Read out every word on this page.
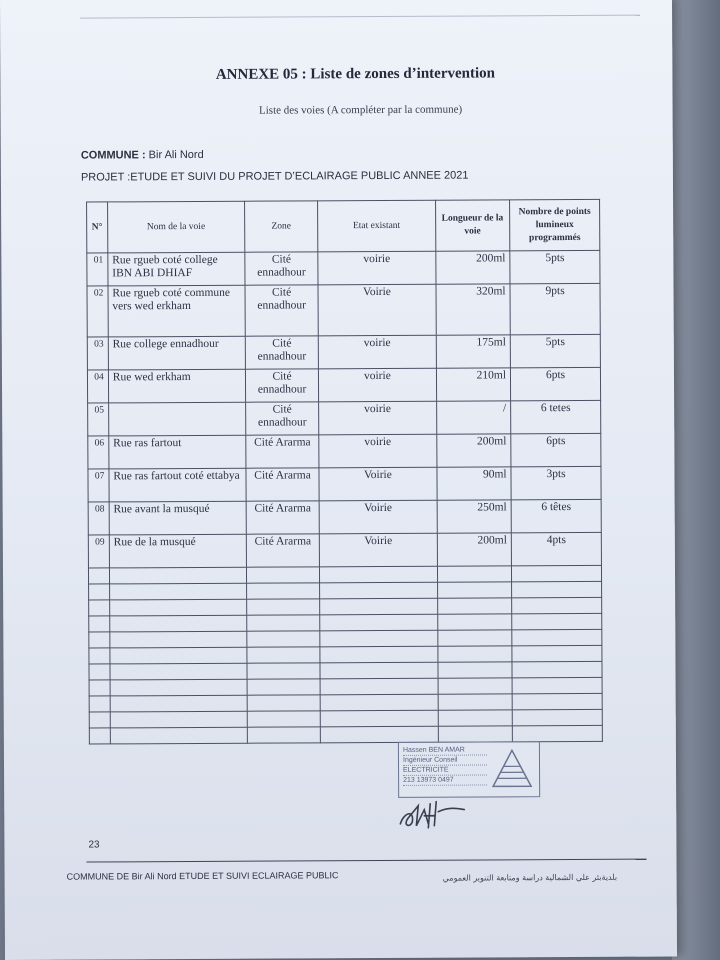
ANNEXE 05 : Liste de zones d’intervention
Liste des voies (A compléter par la commune)
COMMUNE : Bir Ali Nord
PROJET :ETUDE ET SUIVI DU PROJET D’ECLAIRAGE PUBLIC ANNEE 2021
N°	Nom de la voie	Zone	Etat existant	Longueur de la voie	Nombre de points lumineux programmés
01	Rue rgueb coté college IBN ABI DHIAF	Cité ennadhour	voirie	200ml	5pts
02	Rue rgueb coté commune vers wed erkham	Cité ennadhour	Voirie	320ml	9pts
03	Rue college ennadhour	Cité ennadhour	voirie	175ml	5pts
04	Rue wed erkham	Cité ennadhour	voirie	210ml	6pts
05		Cité ennadhour	voirie	/	6 tetes
06	Rue ras fartout	Cité Ararma	voirie	200ml	6pts
07	Rue ras fartout coté ettabya	Cité Ararma	Voirie	90ml	3pts
08	Rue avant la musqué	Cité Ararma	Voirie	250ml	6 têtes
09	Rue de la musqué	Cité Ararma	Voirie	200ml	4pts

Hassen BEN AMAR
Ingénieur Conseil
ELECTRICITE
213 13973 0497
23
COMMUNE DE Bir Ali Nord ETUDE ET SUIVI ECLAIRAGE PUBLIC	بلديةبئر علي الشمالية دراسة ومتابعة التنوير العمومي
